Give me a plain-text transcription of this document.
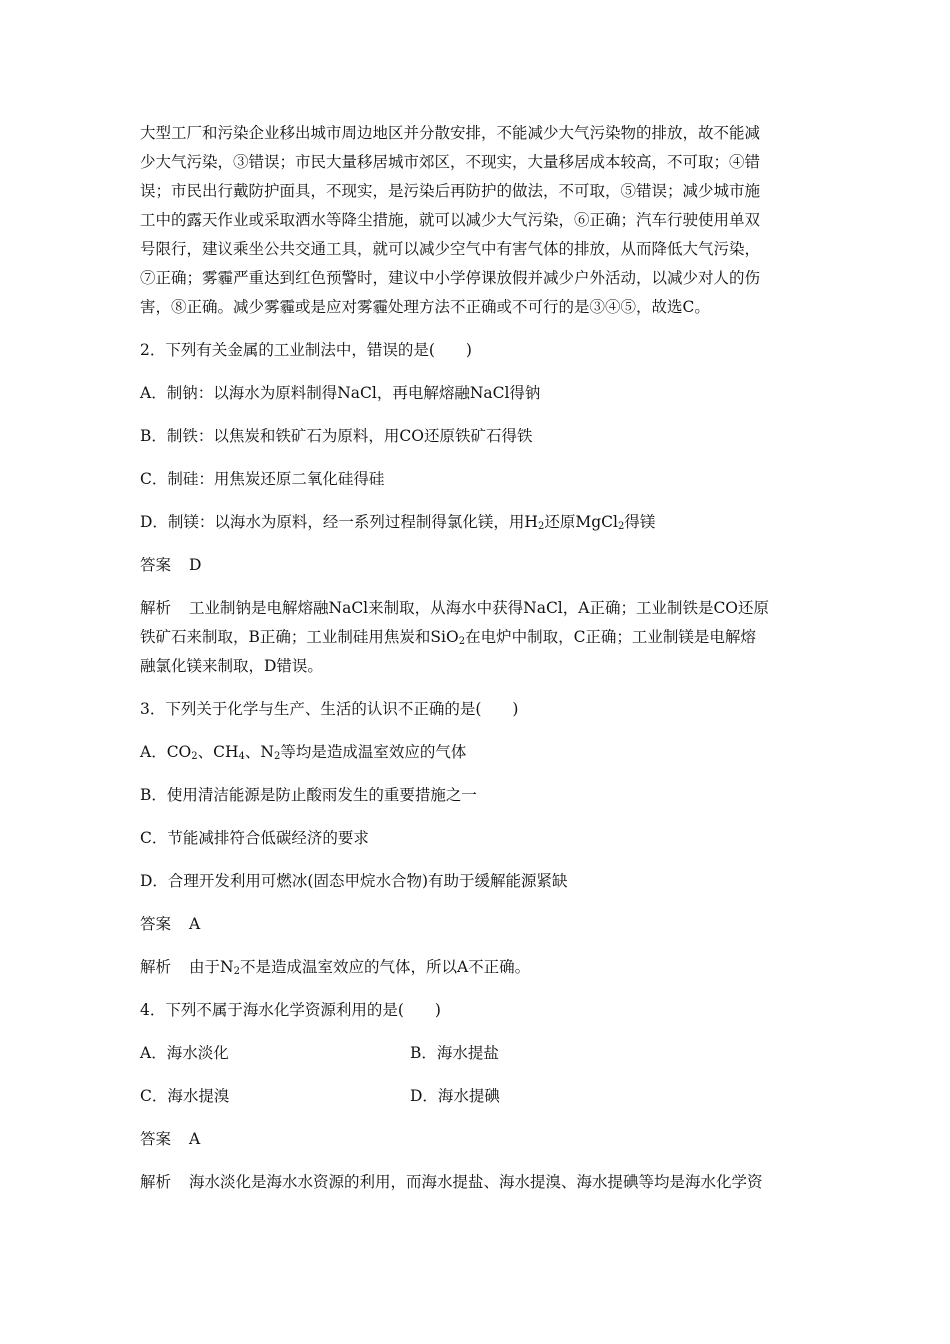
大型工厂和污染企业移出城市周边地区并分散安排，不能减少大气污染物的排放，故不能减

少大气污染，③错误；市民大量移居城市郊区，不现实，大量移居成本较高，不可取；④错

误；市民出行戴防护面具，不现实，是污染后再防护的做法，不可取，⑤错误；减少城市施

工中的露天作业或采取洒水等降尘措施，就可以减少大气污染，⑥正确；汽车行驶使用单双

号限行，建议乘坐公共交通工具，就可以减少空气中有害气体的排放，从而降低大气污染，

⑦正确；雾霾严重达到红色预警时，建议中小学停课放假并减少户外活动，以减少对人的伤

害，⑧正确。减少雾霾或是应对雾霾处理方法不正确或不可行的是③④⑤，故选C。

2．下列有关金属的工业制法中，错误的是(　　)

A．制钠：以海水为原料制得NaCl，再电解熔融NaCl得钠

B．制铁：以焦炭和铁矿石为原料，用CO还原铁矿石得铁

C．制硅：用焦炭还原二氧化硅得硅

D．制镁：以海水为原料，经一系列过程制得氯化镁，用$H_2$还原MgCl$_2$得镁

答案 D

解析 工业制钠是电解熔融NaCl来制取，从海水中获得NaCl，A正确；工业制铁是CO还原

铁矿石来制取，B正确；工业制硅用焦炭和SiO$_2$在电炉中制取，C正确；工业制镁是电解熔

融氯化镁来制取，D错误。

3．下列关于化学与生产、生活的认识不正确的是(　　)

A．$CO_2$、$CH_4$、$N_2$等均是造成温室效应的气体

B．使用清洁能源是防止酸雨发生的重要措施之一

C．节能减排符合低碳经济的要求

D．合理开发利用可燃冰(固态甲烷水合物)有助于缓解能源紧缺

答案 A

解析 由于$N_2$不是造成温室效应的气体，所以A不正确。

4．下列不属于海水化学资源利用的是(　　)

A．海水淡化	B．海水提盐
C．海水提溴	D．海水提碘

答案 A

解析 海水淡化是海水水资源的利用，而海水提盐、海水提溴、海水提碘等均是海水化学资
